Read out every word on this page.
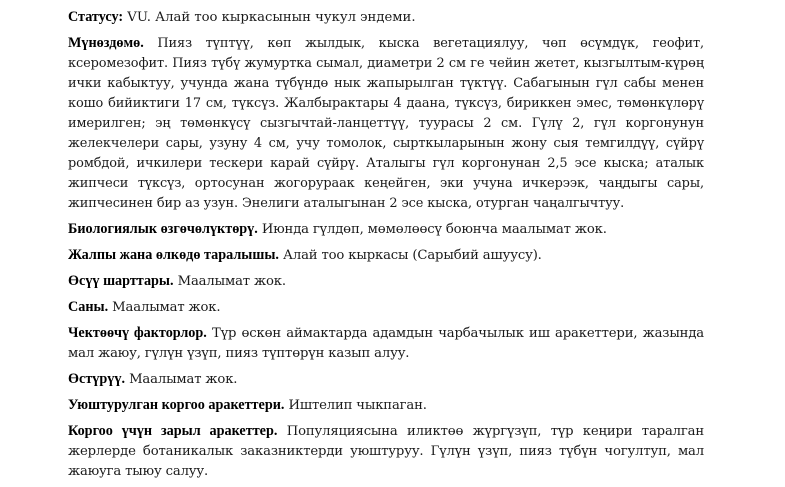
Статусу: VU. Алай тоо кыркасынын чукул эндеми.

Мүнөздөмө. Пияз түптүү, көп жылдык, кыска вегетациялуу, чөп өсүмдүк, геофит, ксеромезофит. Пияз түбү жумуртка сымал, диаметри 2 см ге чейин жетет, кызгылтым-күрөң ички кабыктуу, учунда жана түбүндө нык жапырылган түктүү. Сабагынын гүл сабы менен кошо бийиктиги 17 см, түксүз. Жалбырактары 4 даана, түксүз, бириккен эмес, төмөнкүлөрү имерилген; эң төмөнкүсү сызгычтай-ланцеттүү, туурасы 2 см. Гүлү 2, гүл коргонунун желекчелери сары, узуну 4 см, учу томолок, сырткыларынын жону сыя темгилдүү, сүйрү ромбдой, ичкилери тескери карай сүйрү. Аталыгы гүл коргонунан 2,5 эсе кыска; аталык жипчеси түксүз, ортосунан жогорураак кеңейген, эки учуна ичкерээк, чаңдыгы сары, жипчесинен бир аз узун. Энелиги аталыгынан 2 эсе кыска, отурган чаңалгычтуу.

Биологиялык өзгөчөлүктөрү. Июнда гүлдөп, мөмөлөөсү боюнча маалымат жок.

Жалпы жана өлкөдө таралышы. Алай тоо кыркасы (Сарыбий ашуусу).

Өсүү шарттары. Маалымат жок.

Саны. Маалымат жок.

Чектөөчү факторлор. Түр өскөн аймактарда адамдын чарбачылык иш аракеттери, жазында мал жаюу, гүлүн үзүп, пияз түптөрүн казып алуу.

Өстүрүү. Маалымат жок.

Уюштурулган коргоо аракеттери. Иштелип чыкпаган.

Коргоо үчүн зарыл аракеттер. Популяциясына иликтөө жүргүзүп, түр кеңири таралган жерлерде ботаникалык заказниктерди уюштуруу. Гүлүн үзүп, пияз түбүн чогултуп, мал жаюуга тыюу салуу.
